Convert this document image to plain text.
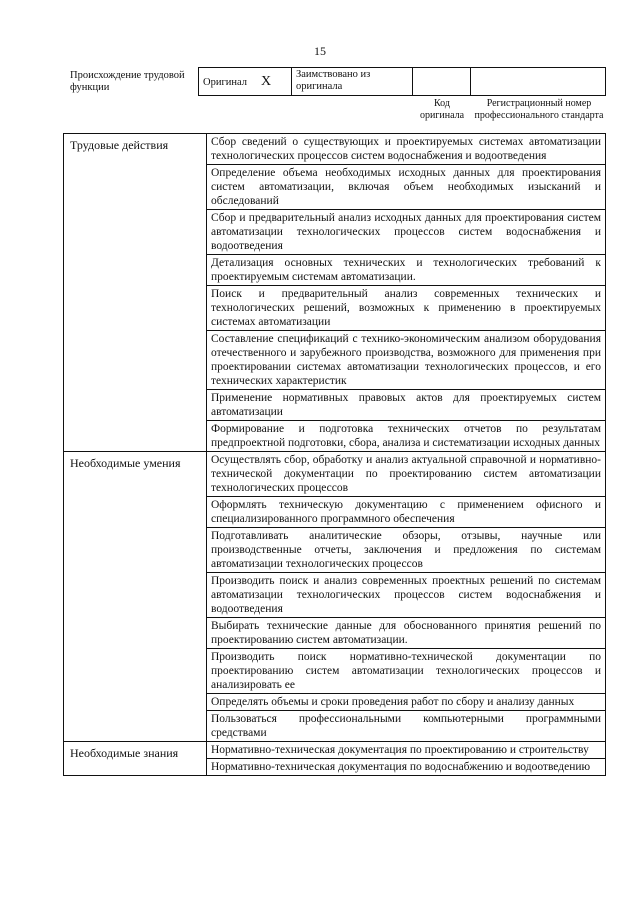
15
Происхождение трудовой функции	Оригинал X	Заимствовано из оригинала		
Код оригинала
Регистрационный номер профессионального стандарта
Трудовые действия	Сбор сведений о существующих и проектируемых системах автоматизации технологических процессов систем водоснабжения и водоотведения
	Определение объема необходимых исходных данных для проектирования систем автоматизации, включая объем необходимых изысканий и обследований
	Сбор и предварительный анализ исходных данных для проектирования систем автоматизации технологических процессов систем водоснабжения и водоотведения
	Детализация основных технических и технологических требований к проектируемым системам автоматизации.
	Поиск и предварительный анализ современных технических и технологических решений, возможных к применению в проектируемых системах автоматизации
	Составление спецификаций с технико-экономическим анализом оборудования отечественного и зарубежного производства, возможного для применения при проектировании системах автоматизации технологических процессов, и его технических характеристик
	Применение нормативных правовых актов для проектируемых систем автоматизации
	Формирование и подготовка технических отчетов по результатам предпроектной подготовки, сбора, анализа и систематизации исходных данных
Необходимые умения	Осуществлять сбор, обработку и анализ актуальной справочной и нормативно-технической документации по проектированию систем автоматизации технологических процессов
	Оформлять техническую документацию с применением офисного и специализированного программного обеспечения
	Подготавливать аналитические обзоры, отзывы, научные или производственные отчеты, заключения и предложения по системам автоматизации технологических процессов
	Производить поиск и анализ современных проектных решений по системам автоматизации технологических процессов систем водоснабжения и водоотведения
	Выбирать технические данные для обоснованного принятия решений по проектированию систем автоматизации.
	Производить поиск нормативно-технической документации по проектированию систем автоматизации технологических процессов и анализировать ее
	Определять объемы и сроки проведения работ по сбору и анализу данных
	Пользоваться профессиональными компьютерными программными средствами
Необходимые знания	Нормативно-техническая документация по проектированию и строительству
	Нормативно-техническая документация по водоснабжению и водоотведению
